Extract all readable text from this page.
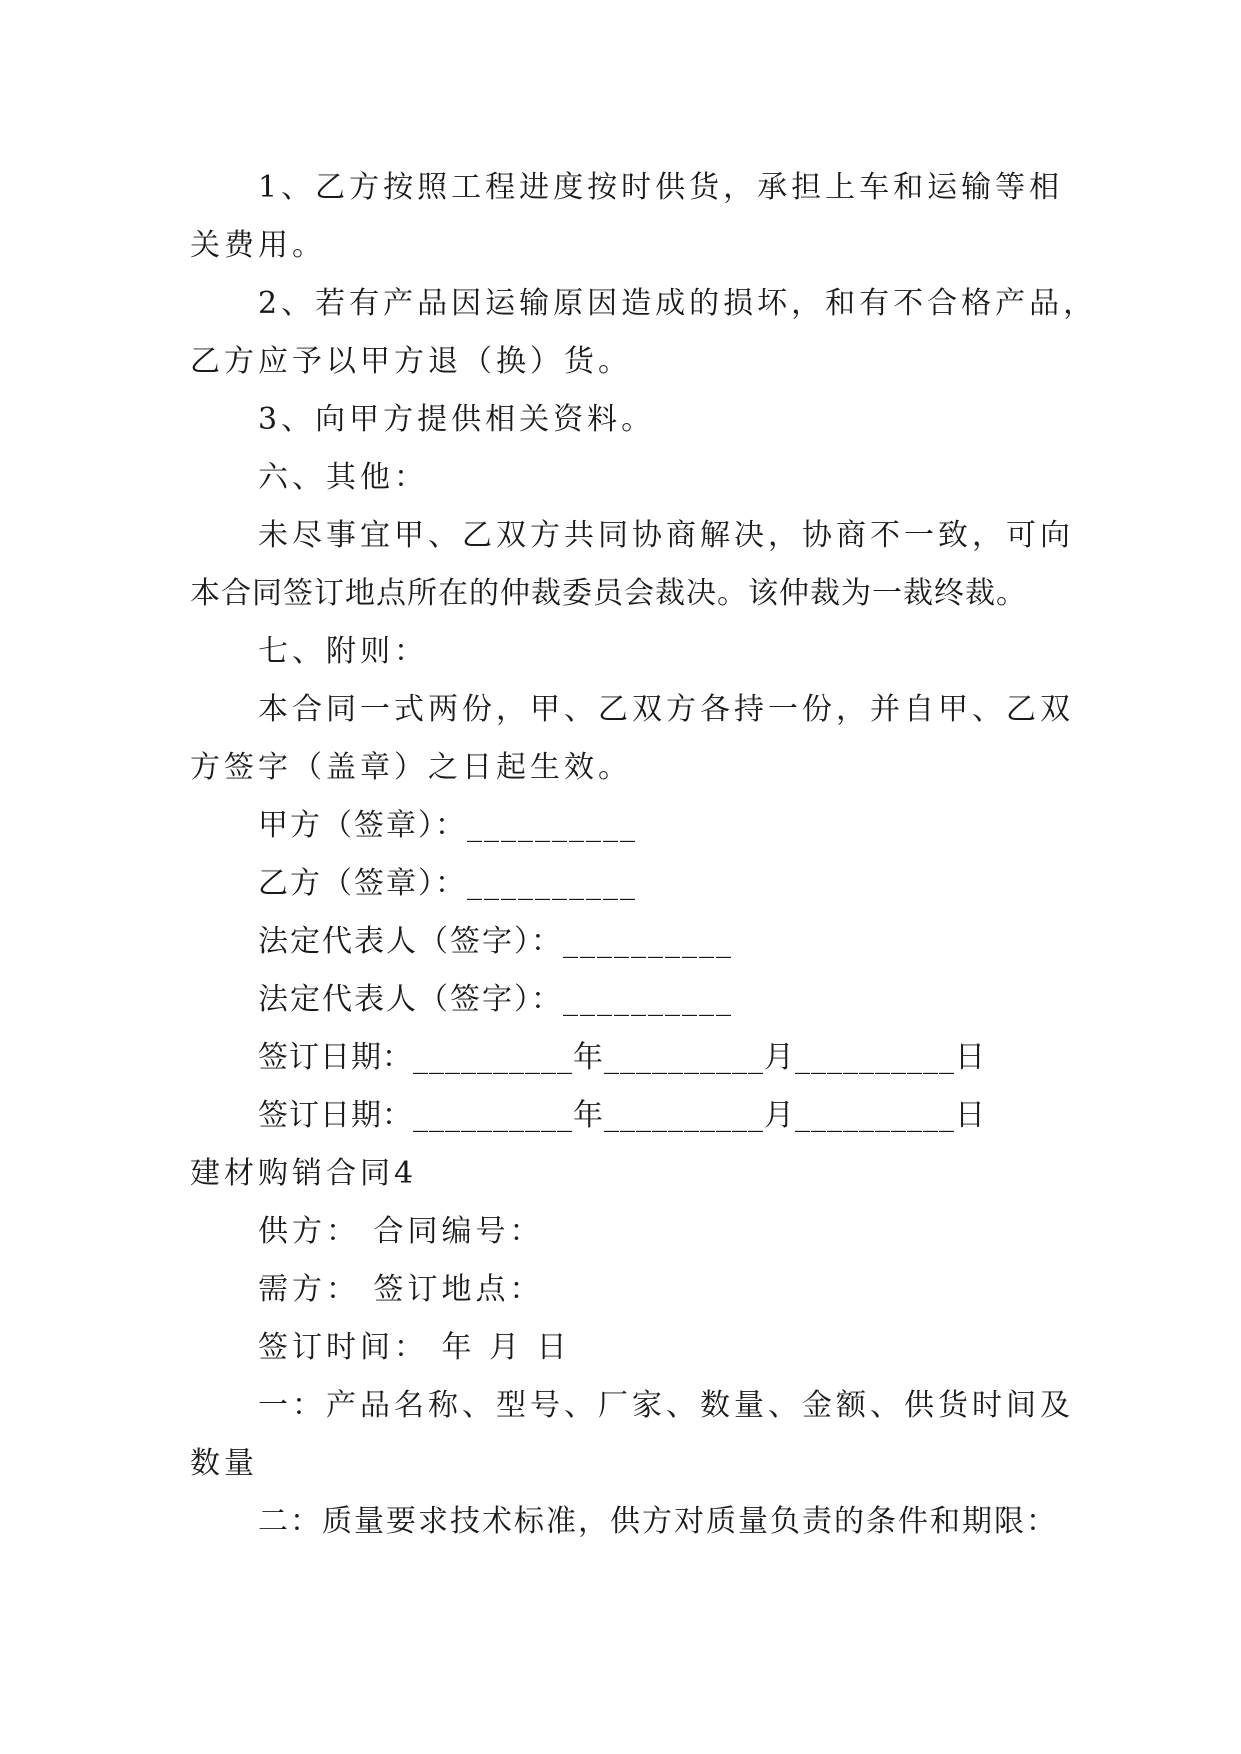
1、乙方按照工程进度按时供货，承担上车和运输等相
关费用。
2、若有产品因运输原因造成的损坏，和有不合格产品，
乙方应予以甲方退（换）货。
3、向甲方提供相关资料。
六、其他：
未尽事宜甲、乙双方共同协商解决，协商不一致，可向
本合同签订地点所在的仲裁委员会裁决。该仲裁为一裁终裁。
七、附则：
本合同一式两份，甲、乙双方各持一份，并自甲、乙双
方签字（盖章）之日起生效。
甲方（签章）：__________
乙方（签章）：__________
法定代表人（签字）：__________
法定代表人（签字）：__________
签订日期：__________年__________月__________日
签订日期：__________年__________月__________日
建材购销合同4
供方： 合同编号：
需方： 签订地点：
签订时间： 年 月 日
一：产品名称、型号、厂家、数量、金额、供货时间及
数量
二：质量要求技术标准，供方对质量负责的条件和期限：
